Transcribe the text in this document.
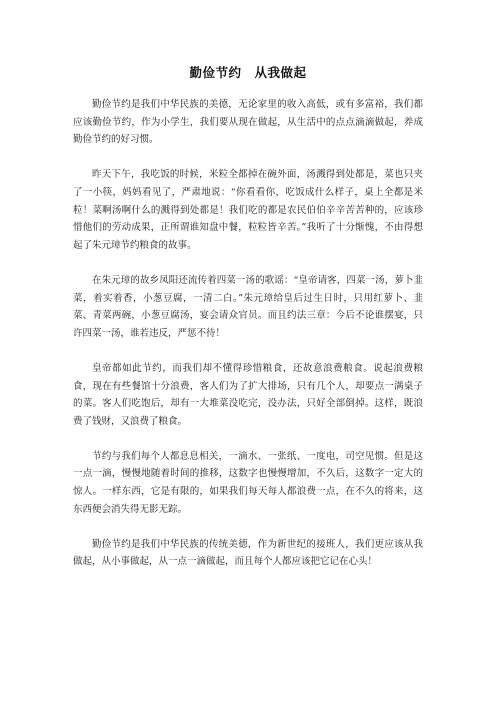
勤俭节约　从我做起

勤俭节约是我们中华民族的美德，无论家里的收入高低，或有多富裕，我们都应该勤俭节约，作为小学生，我们要从现在做起，从生活中的点点滴滴做起，养成勤俭节约的好习惯。

昨天下午，我吃饭的时候，米粒全都掉在碗外面，汤溅得到处都是，菜也只夹了一小筷，妈妈看见了，严肃地说：“你看看你，吃饭成什么样子，桌上全都是米粒！菜啊汤啊什么的溅得到处都是！我们吃的都是农民伯伯辛辛苦苦种的，应该珍惜他们的劳动成果，正所谓谁知盘中餐，粒粒皆辛苦。”我听了十分惭愧，不由得想起了朱元璋节约粮食的故事。

在朱元璋的故乡凤阳还流传着四菜一汤的歌谣：“皇帝请客，四菜一汤，萝卜韭菜，着实着香，小葱豆腐，一清二白。”朱元璋给皇后过生日时，只用红萝卜、韭菜、青菜两碗，小葱豆腐汤，宴会请众官员。而且约法三章：今后不论谁摆宴，只许四菜一汤，谁若违反，严惩不待！

皇帝都如此节约，而我们却不懂得珍惜粮食，还故意浪费粮食。说起浪费粮食，现在有些餐馆十分浪费，客人们为了扩大排场，只有几个人，却要点一满桌子的菜。客人们吃饱后，却有一大堆菜没吃完，没办法，只好全部倒掉。这样，既浪费了钱财，又浪费了粮食。

节约与我们每个人都息息相关，一滴水、一张纸、一度电，司空见惯。但是这一点一滴，慢慢地随着时间的推移，这数字也慢慢增加，不久后，这数字一定大的惊人。一样东西，它是有限的，如果我们每天每人都浪费一点，在不久的将来，这东西便会消失得无影无踪。

勤俭节约是我们中华民族的传统美德，作为新世纪的接班人，我们更应该从我做起，从小事做起，从一点一滴做起，而且每个人都应该把它记在心头！
